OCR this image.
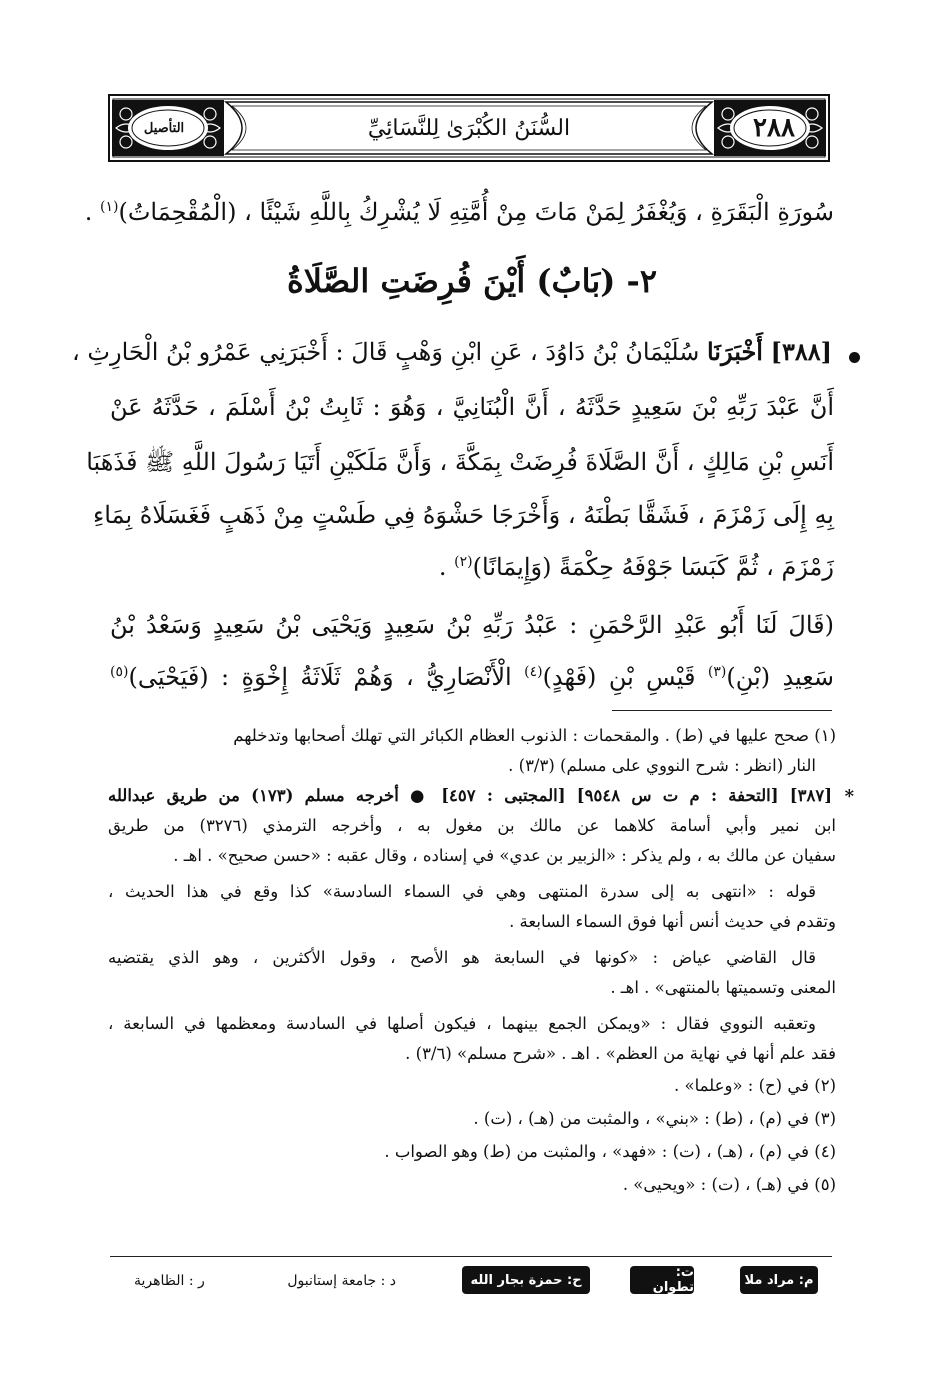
التأصيل	٢٨٨
السُّنَنُ الكُبْرَىٰ لِلنَّسَائِيِّ
سُورَةِ الْبَقَرَةِ ، وَيُغْفَرُ لِمَنْ مَاتَ مِنْ أُمَّتِهِ لَا يُشْرِكُ بِاللَّهِ شَيْئًا ، (الْمُقْحِمَاتُ)$^{(١)}$ .
٢- (بَابٌ) أَيْنَ فُرِضَتِ الصَّلَاةُ
[٣٨٨] أَخْبَرَنَا سُلَيْمَانُ بْنُ دَاوُدَ ، عَنِ ابْنِ وَهْبٍ قَالَ : أَخْبَرَنِي عَمْرُو بْنُ الْحَارِثِ ،
أَنَّ عَبْدَ رَبِّهِ بْنَ سَعِيدٍ حَدَّثَهُ ، أَنَّ الْبُنَانِيَّ ، وَهُوَ : ثَابِتُ بْنُ أَسْلَمَ ، حَدَّثَهُ عَنْ
أَنَسِ بْنِ مَالِكٍ ، أَنَّ الصَّلَاةَ فُرِضَتْ بِمَكَّةَ ، وَأَنَّ مَلَكَيْنِ أَتَيَا رَسُولَ اللَّهِ ﷺ فَذَهَبَا
بِهِ إِلَى زَمْزَمَ ، فَشَقَّا بَطْنَهُ ، وَأَخْرَجَا حَشْوَهُ فِي طَسْتٍ مِنْ ذَهَبٍ فَغَسَلَاهُ بِمَاءِ
زَمْزَمَ ، ثُمَّ كَبَسَا جَوْفَهُ حِكْمَةً (وَإِيمَانًا)$^{(٢)}$ .
(قَالَ لَنَا أَبُو عَبْدِ الرَّحْمَنِ : عَبْدُ رَبِّهِ بْنُ سَعِيدٍ وَيَحْيَى بْنُ سَعِيدٍ وَسَعْدُ بْنُ
سَعِيدِ (بْنِ)$^{(٣)}$ قَيْسِ بْنِ (فَهْدٍ)$^{(٤)}$ الْأَنْصَارِيُّ ، وَهُمْ ثَلَاثَةُ إِخْوَةٍ : (فَيَحْيَى)$^{(٥)}$
(١) صحح عليها في (ط) . والمقحمات : الذنوب العظام الكبائر التي تهلك أصحابها وتدخلهم
النار (انظر : شرح النووي على مسلم) (٣/٣) .
*
[٣٨٧] [التحفة : م ت س ٩٥٤٨] [المجتبى : ٤٥٧] ● أخرجه مسلم (١٧٣) من طريق عبدالله
ابن نمير وأبي أسامة كلاهما عن مالك بن مغول به ، وأخرجه الترمذي (٣٢٧٦) من طريق
سفيان عن مالك به ، ولم يذكر : «الزبير بن عدي» في إسناده ، وقال عقبه : «حسن صحيح» . اهـ .
قوله : «انتهى به إلى سدرة المنتهى وهي في السماء السادسة» كذا وقع في هذا الحديث ،
وتقدم في حديث أنس أنها فوق السماء السابعة .
قال القاضي عياض : «كونها في السابعة هو الأصح ، وقول الأكثرين ، وهو الذي يقتضيه
المعنى وتسميتها بالمنتهى» . اهـ .
وتعقبه النووي فقال : «ويمكن الجمع بينهما ، فيكون أصلها في السادسة ومعظمها في السابعة ،
فقد علم أنها في نهاية من العظم» . اهـ . «شرح مسلم» (٣/٦) .
(٢) في (ح) : «وعلما» .
(٣) في (م) ، (ط) : «بني» ، والمثبت من (هـ) ، (ت) .
(٤) في (م) ، (هـ) ، (ت) : «فهد» ، والمثبت من (ط) وهو الصواب .
(٥) في (هـ) ، (ت) : «ويحيى» .
م: مراد ملا
ت: تطوان
ح: حمزة بجار الله
د : جامعة إستانبول
ر : الظاهرية
